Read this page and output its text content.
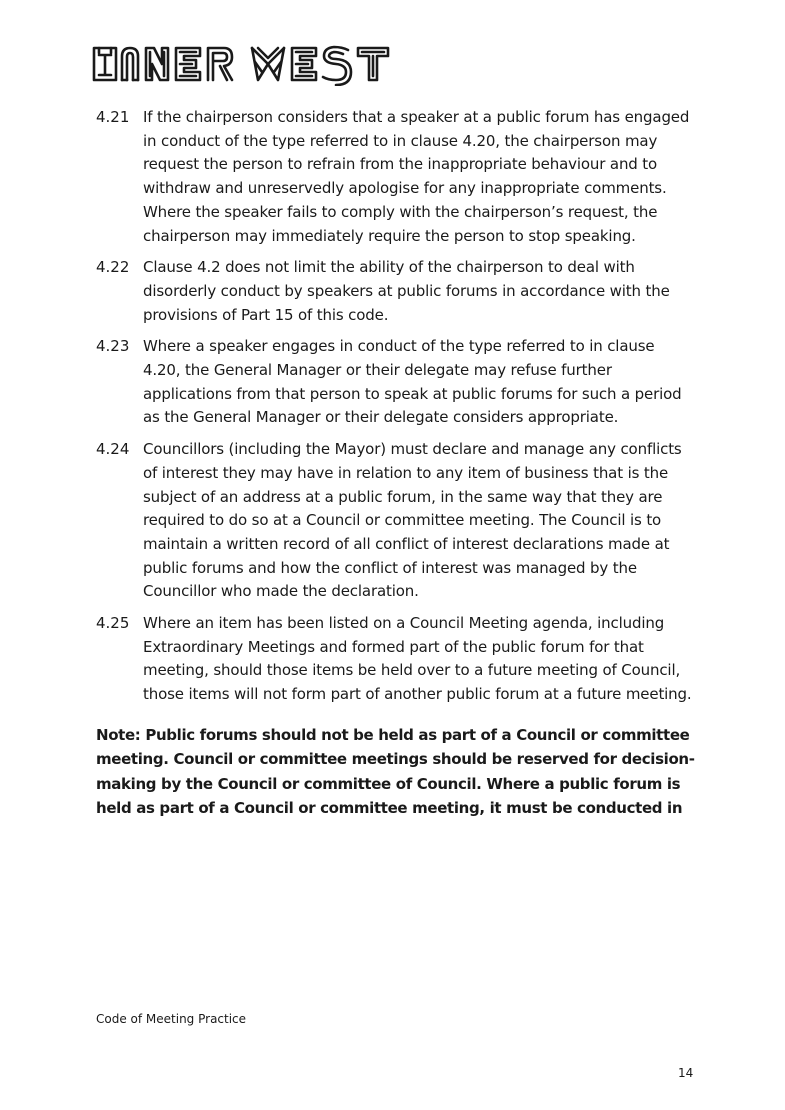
4.21 If the chairperson considers that a speaker at a public forum has engaged in conduct of the type referred to in clause 4.20, the chairperson may request the person to refrain from the inappropriate behaviour and to withdraw and unreservedly apologise for any inappropriate comments. Where the speaker fails to comply with the chairperson’s request, the chairperson may immediately require the person to stop speaking.
4.22 Clause 4.2 does not limit the ability of the chairperson to deal with disorderly conduct by speakers at public forums in accordance with the provisions of Part 15 of this code.
4.23 Where a speaker engages in conduct of the type referred to in clause 4.20, the General Manager or their delegate may refuse further applications from that person to speak at public forums for such a period as the General Manager or their delegate considers appropriate.
4.24 Councillors (including the Mayor) must declare and manage any conflicts of interest they may have in relation to any item of business that is the subject of an address at a public forum, in the same way that they are required to do so at a Council or committee meeting. The Council is to maintain a written record of all conflict of interest declarations made at public forums and how the conflict of interest was managed by the Councillor who made the declaration.
4.25 Where an item has been listed on a Council Meeting agenda, including Extraordinary Meetings and formed part of the public forum for that meeting, should those items be held over to a future meeting of Council, those items will not form part of another public forum at a future meeting.
Note: Public forums should not be held as part of a Council or committee meeting. Council or committee meetings should be reserved for decision-making by the Council or committee of Council. Where a public forum is held as part of a Council or committee meeting, it must be conducted in
Code of Meeting Practice
14
